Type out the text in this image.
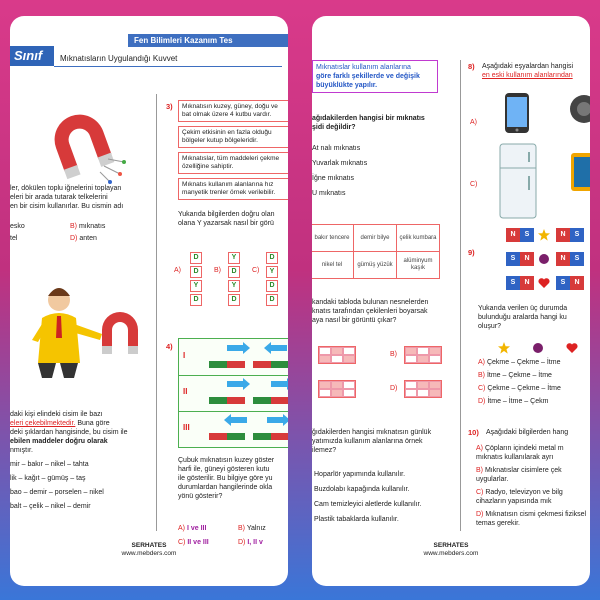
Fen Bilimleri Kazanım Tes
Sınıf	Mıknatısların Uygulandığı Kuvvet
ler, dökülen toplu iğnelerini toplayan
eleri bir arada tutarak telkelerini
en bir cisim kullanırlar. Bu cismin adı
esko	B) mıknatıs
tel	D) anten
daki kişi elindeki cisim ile bazı
eleri çekebilmektedir. Buna göre
deki şıklardan hangisinde, bu cisim ile
ebilen maddeler doğru olarak
nmıştır.
mir – bakır – nikel – tahta
lik – kağıt – gümüş – taş
bao – demir – porselen – nikel
balt – çelik – nikel – demir
3)	Mıknatısın kuzey, güney, doğu ve bat olmak üzere 4 kutbu vardır.
Çekim etkisinin en fazla olduğu bölgeler kutup bölgeleridir.
Mıknatıslar, tüm maddeleri çekme özelliğine sahiptir.
Mıknatıs kullanım alanlarına hız manyetik trenler örnek verilebilir.
Yukarıda bilgilerden doğru olan
olana Y yazarsak nasıl bir görü
A)
D
D
Y
D
B)
Y
D
Y
D
C)
D
Y
D
D
4)
I
II
III
Çubuk mıknatısın kuzey göster
harfi ile, güneyi gösteren kutu
ile gösterilir. Bu bilgiye göre yu
durumlardan hangilerinde okla
yönü gösterir?
A) I ve III	B) Yalnız
C) II ve III	D) I, II v
SERHATES
www.mebders.com
Mıknatıslar kullanım alanlarına
göre farklı şekillerde ve değişik
büyüklükte yapılır.
ağıdakilerden hangisi bir mıknatıs
şidi değildir?
At nalı mıknatıs
Yuvarlak mıknatıs
İğne mıknatıs
U mıknatıs
bakır tencere	demir bilye	çelik kumbara
nikel tel	gümüş yüzük	alüminyum kaşık
kandaki tabloda bulunan nesnelerden
knatıs tarafından çekilenleri boyarsak
aya nasıl bir görüntü çıkar?
B)
D)
ğıdakilerden hangisi mıknatısın günlük
yatımızda kullanım alanlarına örnek
ilemez?
Hoparlör yapımında kullanılır.
Buzdolabı kapağında kullanılır.
Cam temizleyici aletlerde kullanılır.
Plastik tabaklarda kullanılır.
8) Aşağıdaki eşyalardan hangisi
en eski kullanım alanlarından
A)
C)
9)
N	S	N	S
S	N	N	S
S	N	S	N
Yukarıda verilen üç durumda
bulunduğu aralarda hangi ku
oluşur?
A) Çekme – Çekme – İtme
B) İtme – Çekme – İtme
C) Çekme – Çekme – İtme
D) İtme – İtme – Çekm
10) Aşağıdaki bilgilerden hang
A) Çöpların içindeki metal m mıknatıs kullanılarak ayrı
B) Mıknatıslar cisimlere çek uygularlar.
C) Radyo, televizyon ve bilg cihazların yapısında mık
D) Mıknatısın cismi çekmesi fiziksel temas gerekir.
SERHATES
www.mebders.com
